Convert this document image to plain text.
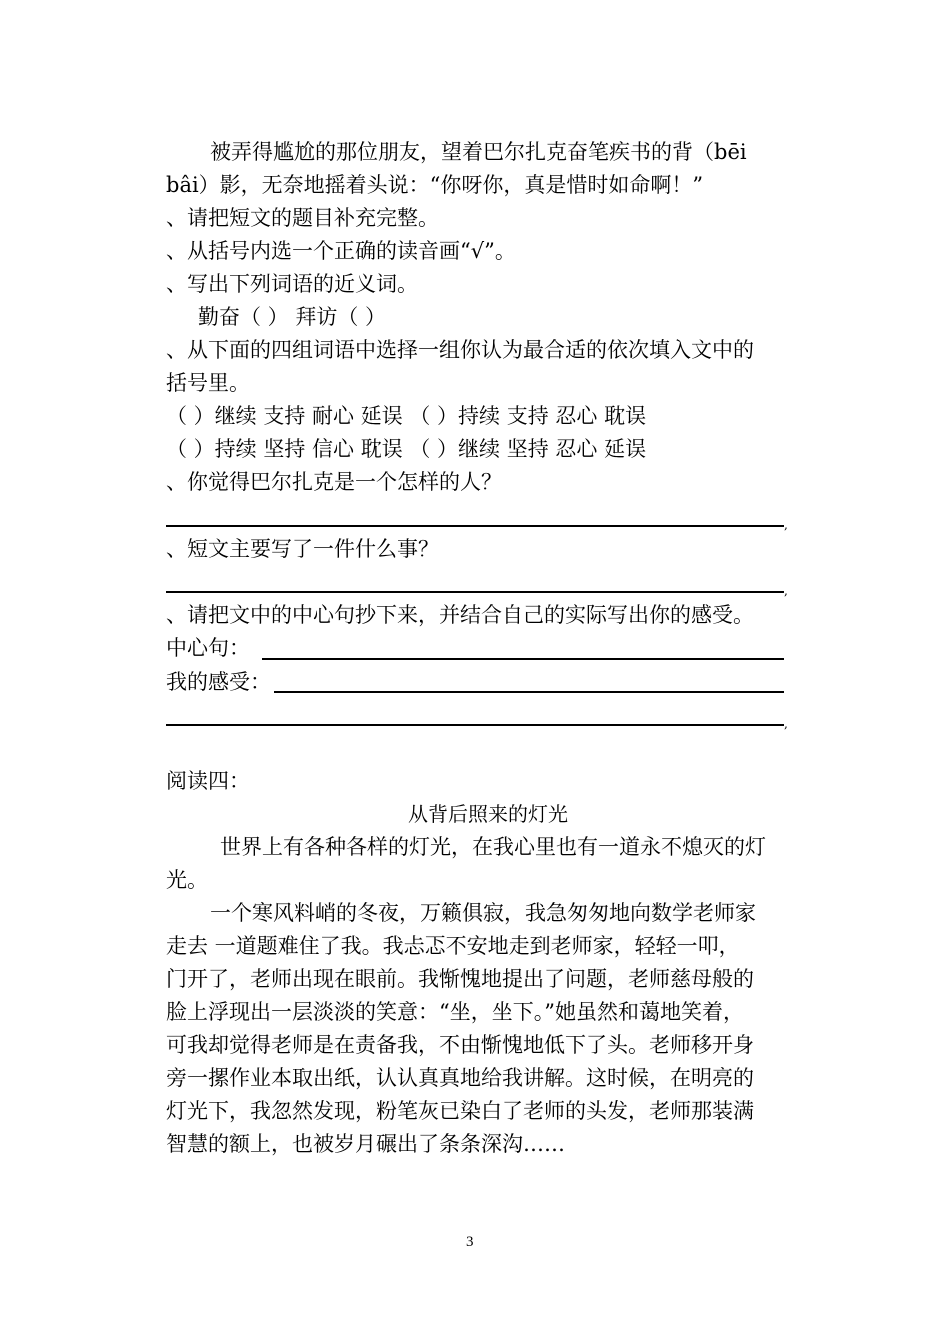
被弄得尴尬的那位朋友，望着巴尔扎克奋笔疾书的背（bēi
bâi）影，无奈地摇着头说：“你呀你，真是惜时如命啊！”
、请把短文的题目补充完整。
、从括号内选一个正确的读音画“√”。
、写出下列词语的近义词。
勤奋（ ） 拜访（ ）
、从下面的四组词语中选择一组你认为最合适的依次填入文中的
括号里。
（ ）继续 支持 耐心 延误 （ ）持续 支持 忍心 耽误
（ ）持续 坚持 信心 耽误 （ ）继续 坚持 忍心 延误
、你觉得巴尔扎克是一个怎样的人？
,
、短文主要写了一件什么事？
,
、请把文中的中心句抄下来，并结合自己的实际写出你的感受。
中心句：
我的感受：
,
阅读四：
从背后照来的灯光
世界上有各种各样的灯光，在我心里也有一道永不熄灭的灯
光。
一个寒风料峭的冬夜，万籁俱寂，我急匆匆地向数学老师家
走去 一道题难住了我。我忐忑不安地走到老师家，轻轻一叩，
门开了，老师出现在眼前。我惭愧地提出了问题，老师慈母般的
脸上浮现出一层淡淡的笑意：“坐，坐下。”她虽然和蔼地笑着，
可我却觉得老师是在责备我，不由惭愧地低下了头。老师移开身
旁一摞作业本取出纸，认认真真地给我讲解。这时候，在明亮的
灯光下，我忽然发现，粉笔灰已染白了老师的头发，老师那装满
智慧的额上，也被岁月碾出了条条深沟……
3
